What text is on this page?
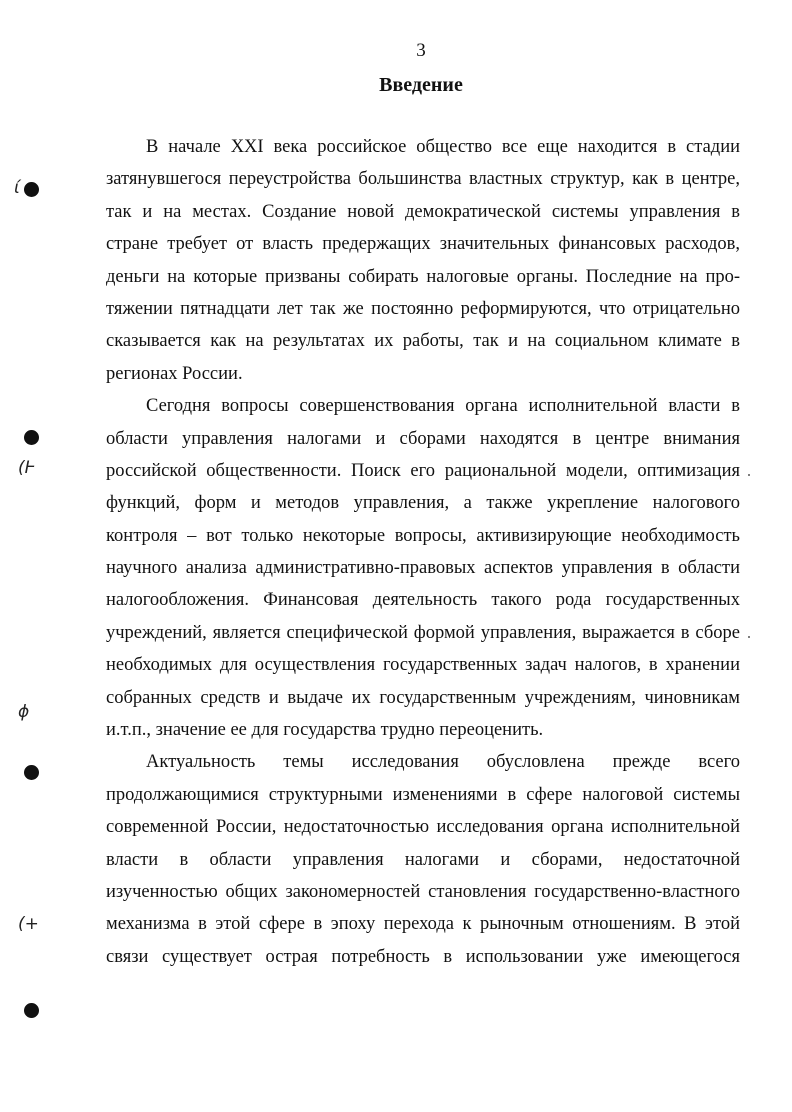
3
Введение
В начале XXI века российское общество все еще находится в стадии
затянувшегося переустройства большинства властных структур, как в центре,
так и на местах. Создание новой демократической системы управления в
стране требует от власть предержащих значительных финансовых расходов,
деньги на которые призваны собирать налоговые органы. Последние на про-
тяжении пятнадцати лет так же постоянно реформируются, что отрицательно
сказывается как на результатах их работы, так и на социальном климате в
регионах России.
Сегодня вопросы совершенствования органа исполнительной власти в
области управления налогами и сборами находятся в центре внимания
российской общественности. Поиск его рациональной модели, оптимизация
функций, форм и методов управления, а также укрепление налогового
контроля – вот только некоторые вопросы, активизирующие необходимость
научного анализа административно-правовых аспектов управления в области
налогообложения. Финансовая деятельность такого рода государственных
учреждений, является специфической формой управления, выражается в сборе
необходимых для осуществления государственных задач налогов, в хранении
собранных средств и выдаче их государственным учреждениям, чиновникам
и.т.п., значение ее для государства трудно переоценить.
Актуальность темы исследования обусловлена прежде всего
продолжающимися структурными изменениями в сфере налоговой системы
современной России, недостаточностью исследования органа исполнительной
власти в области управления налогами и сборами, недостаточной
изученностью общих закономерностей становления государственно-властного
механизма в этой сфере в эпоху перехода к рыночным отношениям. В этой
связи существует острая потребность в использовании уже имеющегося
ί
(Ͱ
ϕ
(+
